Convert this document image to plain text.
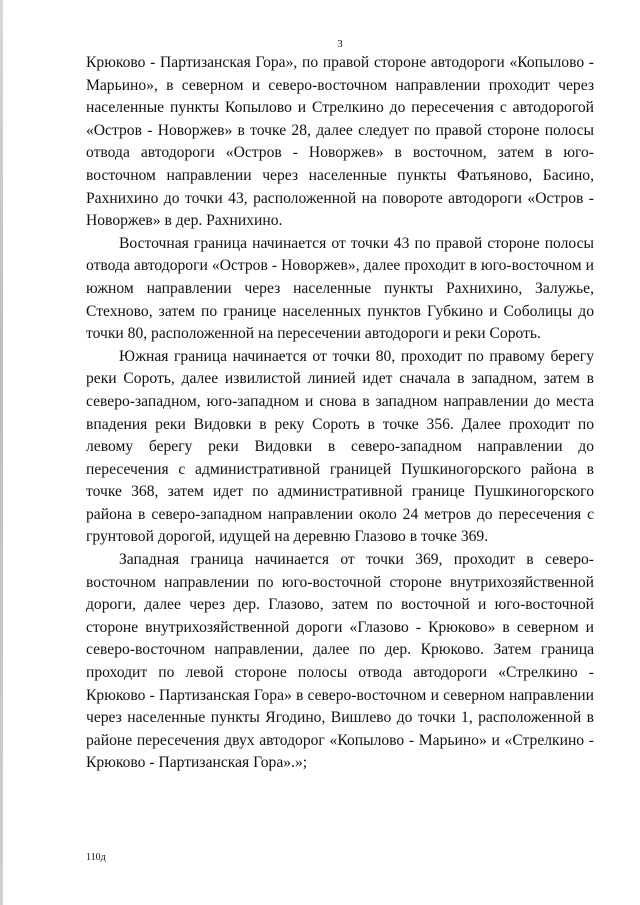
3

Крюково - Партизанская Гора», по правой стороне автодороги «Копылово - Марьино», в северном и северо-восточном направлении проходит через населенные пункты Копылово и Стрелкино до пересечения с автодорогой «Остров - Новоржев» в точке 28, далее следует по правой стороне полосы отвода автодороги «Остров - Новоржев» в восточном, затем в юго-восточном направлении через населенные пункты Фатьяново, Басино, Рахнихино до точки 43, расположенной на повороте автодороги «Остров - Новоржев» в дер. Рахнихино.

Восточная граница начинается от точки 43 по правой стороне полосы отвода автодороги «Остров - Новоржев», далее проходит в юго-восточном и южном направлении через населенные пункты Рахнихино, Залужье, Стехново, затем по границе населенных пунктов Губкино и Соболицы до точки 80, расположенной на пересечении автодороги и реки Сороть.

Южная граница начинается от точки 80, проходит по правому берегу реки Сороть, далее извилистой линией идет сначала в западном, затем в северо-западном, юго-западном и снова в западном направлении до места впадения реки Видовки в реку Сороть в точке 356. Далее проходит по левому берегу реки Видовки в северо-западном направлении до пересечения с административной границей Пушкиногорского района в точке 368, затем идет по административной границе Пушкиногорского района в северо-западном направлении около 24 метров до пересечения с грунтовой дорогой, идущей на деревню Глазово в точке 369.

Западная граница начинается от точки 369, проходит в северо-восточном направлении по юго-восточной стороне внутрихозяйственной дороги, далее через дер. Глазово, затем по восточной и юго-восточной стороне внутрихозяйственной дороги «Глазово - Крюково» в северном и северо-восточном направлении, далее по дер. Крюково. Затем граница проходит по левой стороне полосы отвода автодороги «Стрелкино - Крюково - Партизанская Гора» в северо-восточном и северном направлении через населенные пункты Ягодино, Вишлево до точки 1, расположенной в районе пересечения двух автодорог «Копылово - Марьино» и «Стрелкино - Крюково - Партизанская Гора».»;

110д
